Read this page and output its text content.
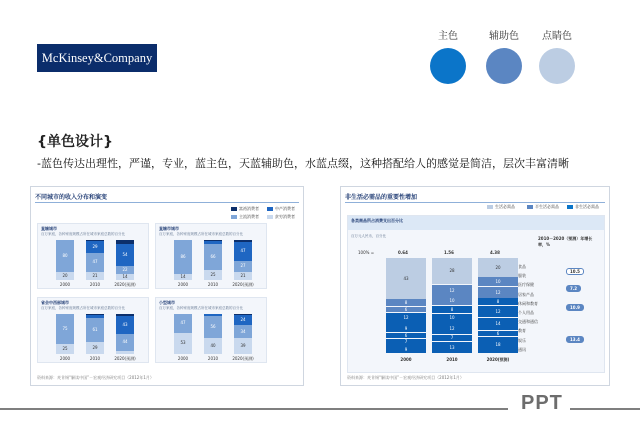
McKinsey&Company
主色	辅助色	点睛色
{单色设计}
-蓝色传达出理性，严谨，专业，蓝主色，天蓝辅助色，水蓝点缀，这种搭配给人的感觉是简洁，层次丰富清晰
不同城市的收入分布和演变
资料来源：麦肯锡“解读中国”－宏观经济研究项目（2012年1月）
富裕消费者	中产消费者
主流消费者	贫穷消费者
直辖城市
百万家庭，各种家庭规模占所在城市家庭总数的百分比
20
80
2000
21
47
29
2010
14
22
54
2020(预测)
直辖市城市
百万家庭，各种家庭规模占所在城市家庭总数的百分比
14
86
2000
25
66
2010
21
27
47
2020(预测)
省会中西部城市
百万家庭，各种家庭规模占所在城市家庭总数的百分比
25
75
2000
29
61
2010
44
43
2020(预测)
小型城市
百万家庭，各种家庭规模占所在城市家庭总数的百分比
53
47
2000
40
56
2010
39
34
24
2020(预测)
非生活必需品的重要性增加
各类商品所占消费支出百分比
百万元人民币，百分比
100% =
2010－2020（预测）年增长率，%
0.64
43
8
6
12
9
6
7
9
2000
1.56
28
12
10
8
10
12
7
13
2010
4.38
20
10
12
8
12
14
6
18
2020(预测)
食品
服装
医疗保健
居家产品
休闲和教育
个人用品
交通和通信
教育
娱乐
通讯
10.5
7.2
10.9
13.4
资料来源：麦肯锡“解读中国”－宏观经济研究项目（2012年1月）
生活必需品	半生活必需品	非生活必需品
PPT
